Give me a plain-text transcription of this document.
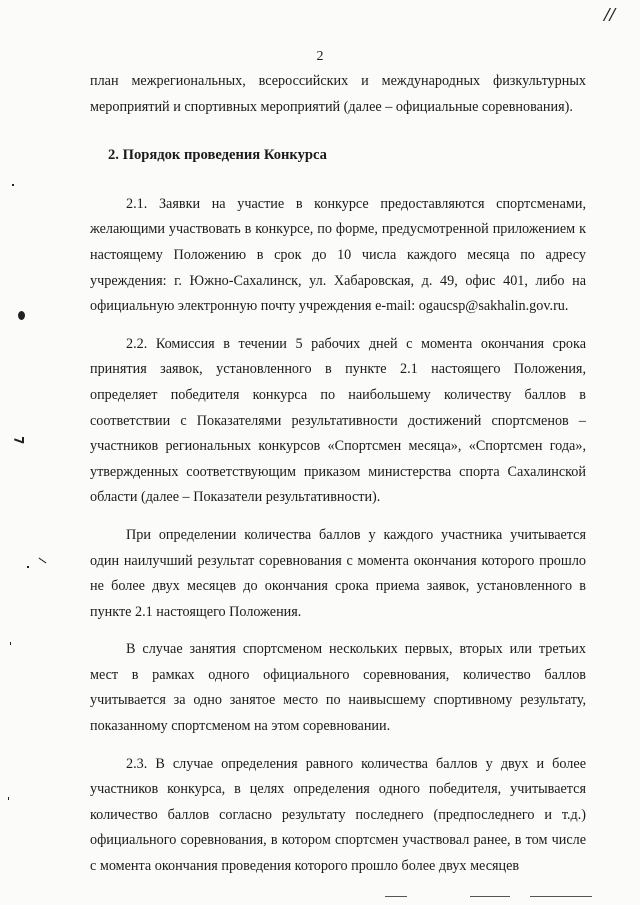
//
2

план межрегиональных, всероссийских и международных физкультурных мероприятий и спортивных мероприятий (далее – официальные соревнования).

2. Порядок проведения Конкурса

2.1. Заявки на участие в конкурсе предоставляются спортсменами, желающими участвовать в конкурсе, по форме, предусмотренной приложением к настоящему Положению в срок до 10 числа каждого месяца по адресу учреждения: г. Южно-Сахалинск, ул. Хабаровская, д. 49, офис 401, либо на официальную электронную почту учреждения e-mail: ogaucsp@sakhalin.gov.ru.

2.2. Комиссия в течении 5 рабочих дней с момента окончания срока принятия заявок, установленного в пункте 2.1 настоящего Положения, определяет победителя конкурса по наибольшему количеству баллов в соответствии с Показателями результативности достижений спортсменов – участников региональных конкурсов «Спортсмен месяца», «Спортсмен года», утвержденных соответствующим приказом министерства спорта Сахалинской области (далее – Показатели результативности).

При определении количества баллов у каждого участника учитывается один наилучший результат соревнования с момента окончания которого прошло не более двух месяцев до окончания срока приема заявок, установленного в пункте 2.1 настоящего Положения.

В случае занятия спортсменом нескольких первых, вторых или третьих мест в рамках одного официального соревнования, количество баллов учитывается за одно занятое место по наивысшему спортивному результату, показанному спортсменом на этом соревновании.

2.3. В случае определения равного количества баллов у двух и более участников конкурса, в целях определения одного победителя, учитывается количество баллов согласно результату последнего (предпоследнего и т.д.) официального соревнования, в котором спортсмен участвовал ранее, в том числе с момента окончания проведения которого прошло более двух месяцев
